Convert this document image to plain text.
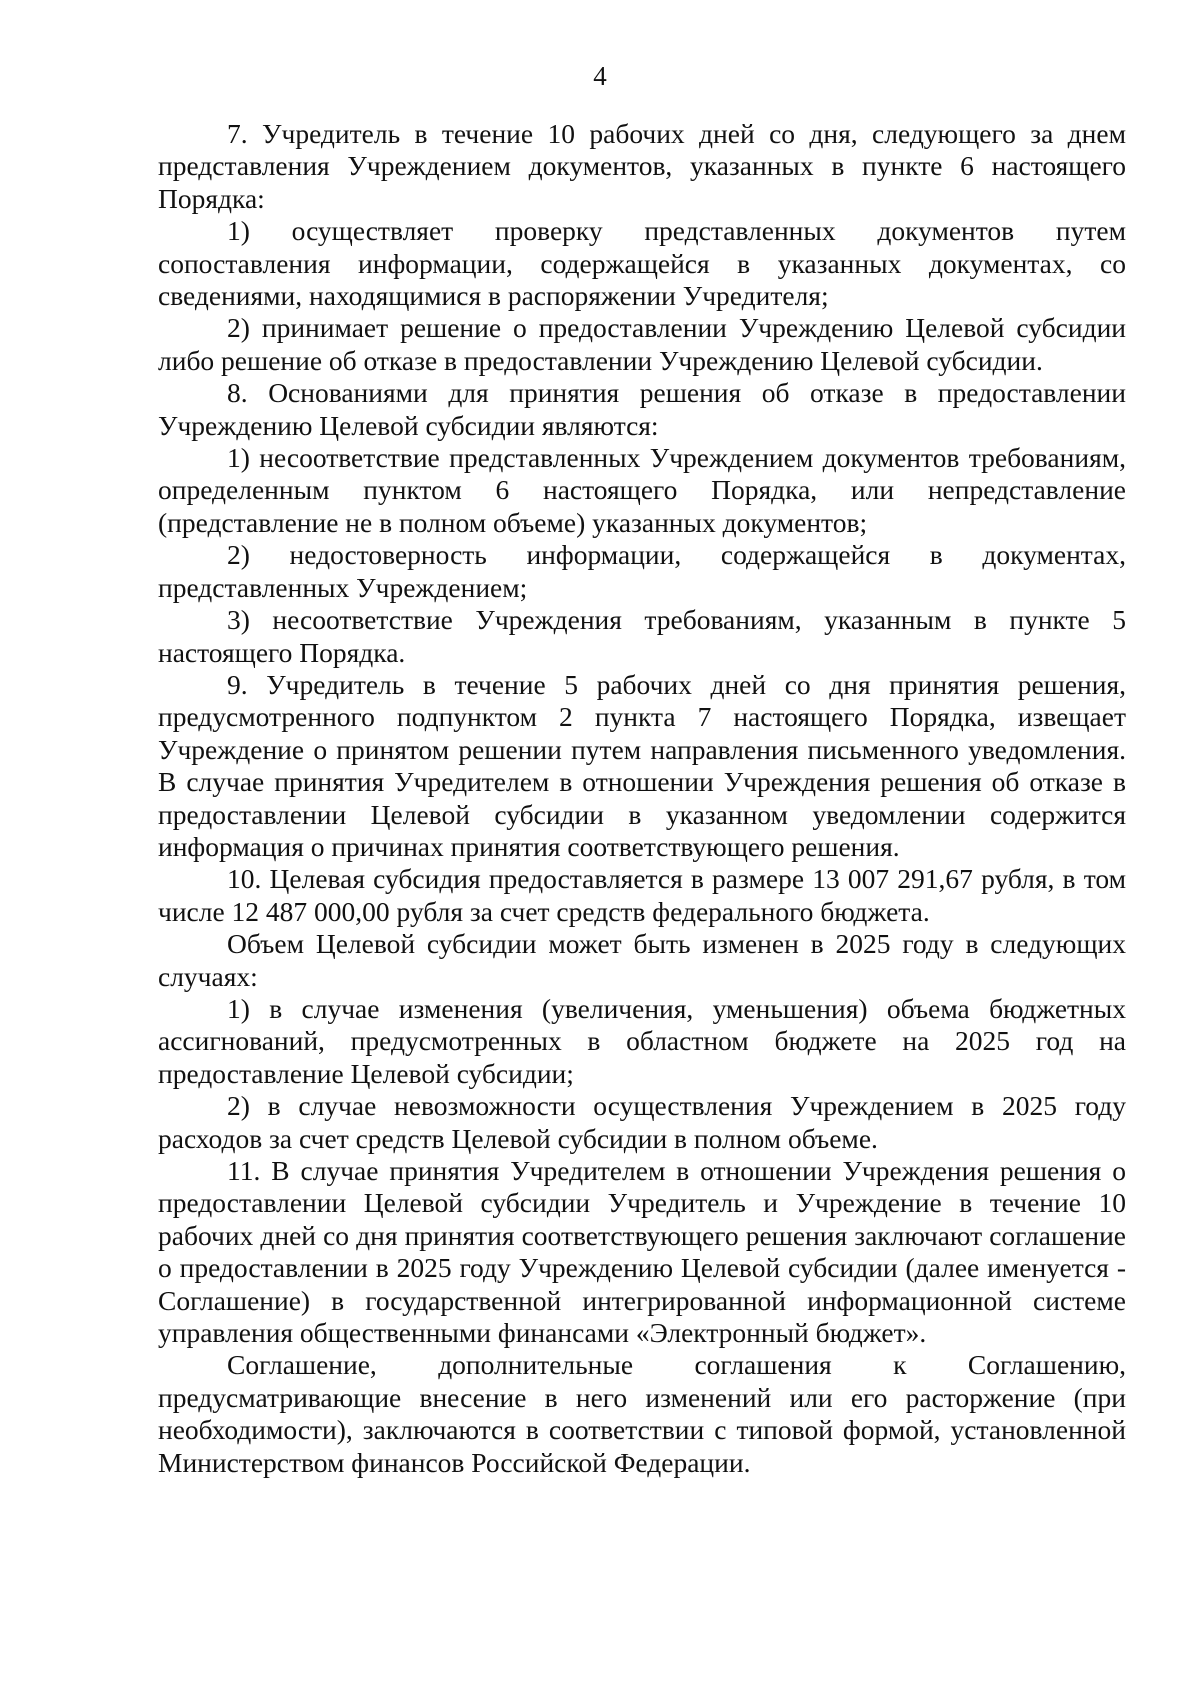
4

7. Учредитель в течение 10 рабочих дней со дня, следующего за днем представления Учреждением документов, указанных в пункте 6 настоящего Порядка:

1) осуществляет проверку представленных документов путем сопоставления информации, содержащейся в указанных документах, со сведениями, находящимися в распоряжении Учредителя;

2) принимает решение о предоставлении Учреждению Целевой субсидии либо решение об отказе в предоставлении Учреждению Целевой субсидии.

8. Основаниями для принятия решения об отказе в предоставлении Учреждению Целевой субсидии являются:

1) несоответствие представленных Учреждением документов требованиям, определенным пунктом 6 настоящего Порядка, или непредставление (представление не в полном объеме) указанных документов;

2) недостоверность информации, содержащейся в документах, представленных Учреждением;

3) несоответствие Учреждения требованиям, указанным в пункте 5 настоящего Порядка.

9. Учредитель в течение 5 рабочих дней со дня принятия решения, предусмотренного подпунктом 2 пункта 7 настоящего Порядка, извещает Учреждение о принятом решении путем направления письменного уведомления. В случае принятия Учредителем в отношении Учреждения решения об отказе в предоставлении Целевой субсидии в указанном уведомлении содержится информация о причинах принятия соответствующего решения.

10. Целевая субсидия предоставляется в размере 13 007 291,67 рубля, в том числе 12 487 000,00 рубля за счет средств федерального бюджета.

Объем Целевой субсидии может быть изменен в 2025 году в следующих случаях:

1) в случае изменения (увеличения, уменьшения) объема бюджетных ассигнований, предусмотренных в областном бюджете на 2025 год на предоставление Целевой субсидии;

2) в случае невозможности осуществления Учреждением в 2025 году расходов за счет средств Целевой субсидии в полном объеме.

11. В случае принятия Учредителем в отношении Учреждения решения о предоставлении Целевой субсидии Учредитель и Учреждение в течение 10 рабочих дней со дня принятия соответствующего решения заключают соглашение о предоставлении в 2025 году Учреждению Целевой субсидии (далее именуется - Соглашение) в государственной интегрированной информационной системе управления общественными финансами «Электронный бюджет».

Соглашение, дополнительные соглашения к Соглашению, предусматривающие внесение в него изменений или его расторжение (при необходимости), заключаются в соответствии с типовой формой, установленной Министерством финансов Российской Федерации.
